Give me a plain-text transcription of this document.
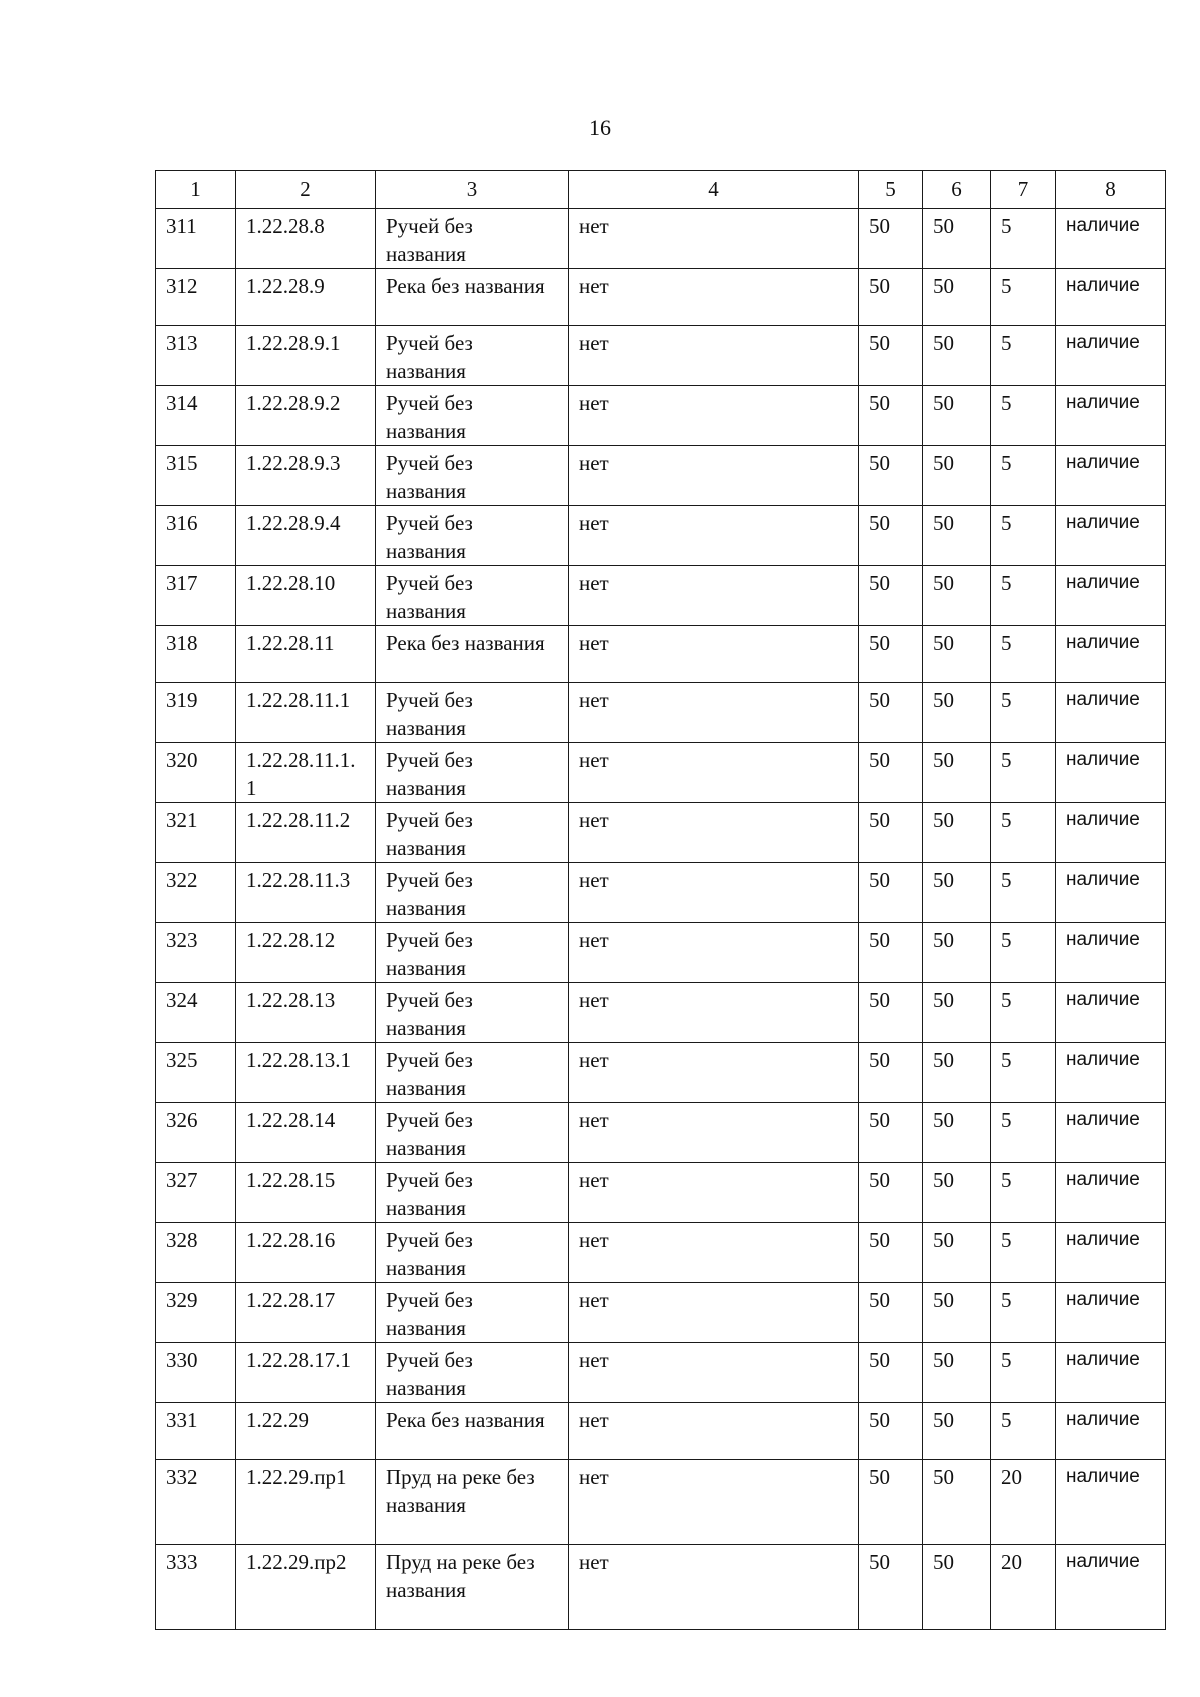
16
1	2	3	4	5	6	7	8
311	1.22.28.8	Ручей без названия	нет	50	50	5	наличие
312	1.22.28.9	Река без названия	нет	50	50	5	наличие
313	1.22.28.9.1	Ручей без названия	нет	50	50	5	наличие
314	1.22.28.9.2	Ручей без названия	нет	50	50	5	наличие
315	1.22.28.9.3	Ручей без названия	нет	50	50	5	наличие
316	1.22.28.9.4	Ручей без названия	нет	50	50	5	наличие
317	1.22.28.10	Ручей без названия	нет	50	50	5	наличие
318	1.22.28.11	Река без названия	нет	50	50	5	наличие
319	1.22.28.11.1	Ручей без названия	нет	50	50	5	наличие
320	1.22.28.11.1.1	Ручей без названия	нет	50	50	5	наличие
321	1.22.28.11.2	Ручей без названия	нет	50	50	5	наличие
322	1.22.28.11.3	Ручей без названия	нет	50	50	5	наличие
323	1.22.28.12	Ручей без названия	нет	50	50	5	наличие
324	1.22.28.13	Ручей без названия	нет	50	50	5	наличие
325	1.22.28.13.1	Ручей без названия	нет	50	50	5	наличие
326	1.22.28.14	Ручей без названия	нет	50	50	5	наличие
327	1.22.28.15	Ручей без названия	нет	50	50	5	наличие
328	1.22.28.16	Ручей без названия	нет	50	50	5	наличие
329	1.22.28.17	Ручей без названия	нет	50	50	5	наличие
330	1.22.28.17.1	Ручей без названия	нет	50	50	5	наличие
331	1.22.29	Река без названия	нет	50	50	5	наличие
332	1.22.29.пр1	Пруд на реке без названия	нет	50	50	20	наличие
333	1.22.29.пр2	Пруд на реке без названия	нет	50	50	20	наличие
